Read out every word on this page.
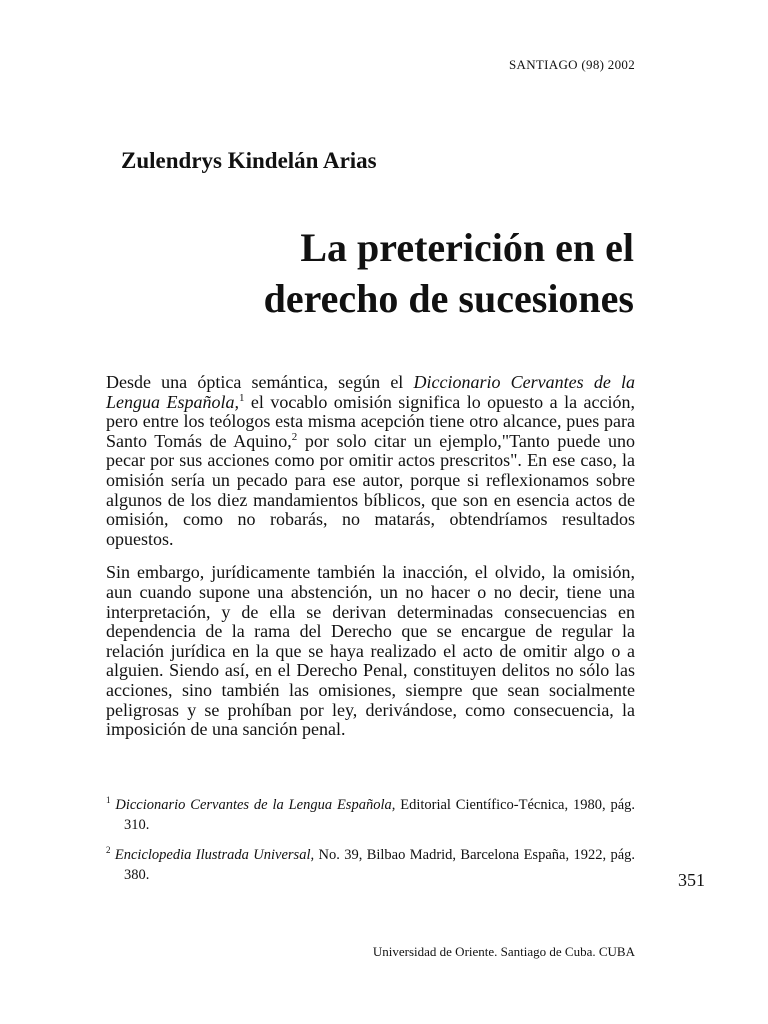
SANTIAGO (98) 2002
Zulendrys Kindelán Arias
La preterición en el
derecho de sucesiones

Desde una óptica semántica, según el Diccionario Cervantes de la Lengua Española,$^1$ el vocablo omisión significa lo opuesto a la acción, pero entre los teólogos esta misma acepción tiene otro alcance, pues para Santo Tomás de Aquino,$^2$ por solo citar un ejemplo,"Tanto puede uno pecar por sus acciones como por omitir actos prescritos". En ese caso, la omisión sería un pecado para ese autor, porque si reflexionamos sobre algunos de los diez mandamientos bíblicos, que son en esencia actos de omisión, como no robarás, no matarás, obtendríamos resultados opuestos.

Sin embargo, jurídicamente también la inacción, el olvido, la omisión, aun cuando supone una abstención, un no hacer o no decir, tiene una interpretación, y de ella se derivan determinadas consecuencias en dependencia de la rama del Derecho que se encargue de regular la relación jurídica en la que se haya realizado el acto de omitir algo o a alguien. Siendo así, en el Derecho Penal, constituyen delitos no sólo las acciones, sino también las omisiones, siempre que sean socialmente peligrosas y se prohíban por ley, derivándose, como consecuencia, la imposición de una sanción penal.

$^1$ Diccionario Cervantes de la Lengua Española, Editorial Científico-Técnica, 1980, pág. 310.
$^2$ Enciclopedia Ilustrada Universal, No. 39, Bilbao Madrid, Barcelona España, 1922, pág. 380.	351
Universidad de Oriente. Santiago de Cuba. CUBA
